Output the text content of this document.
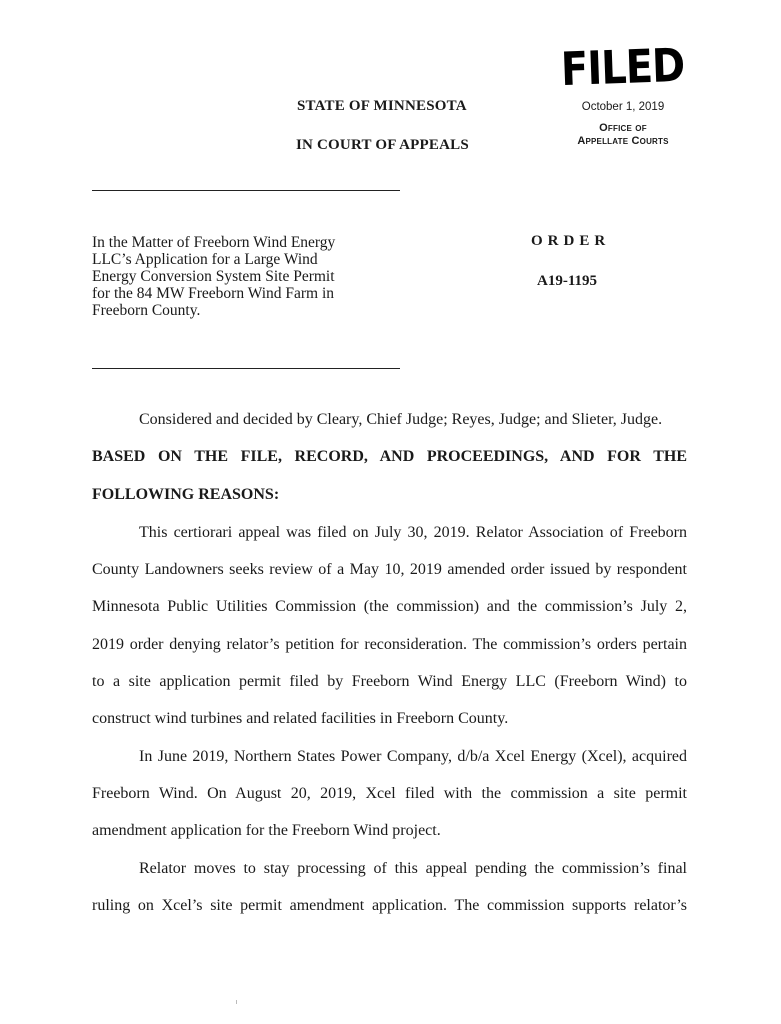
STATE OF MINNESOTA
IN COURT OF APPEALS
FILED
October 1, 2019
Office of
Appellate Courts
In the Matter of Freeborn Wind Energy
LLC’s Application for a Large Wind
Energy Conversion System Site Permit
for the 84 MW Freeborn Wind Farm in
Freeborn County.
ORDER
A19-1195
Considered and decided by Cleary, Chief Judge; Reyes, Judge; and Slieter, Judge.
BASED ON THE FILE, RECORD, AND PROCEEDINGS, AND FOR THE
FOLLOWING REASONS:
This certiorari appeal was filed on July 30, 2019. Relator Association of Freeborn
County Landowners seeks review of a May 10, 2019 amended order issued by respondent
Minnesota Public Utilities Commission (the commission) and the commission’s July 2,
2019 order denying relator’s petition for reconsideration. The commission’s orders pertain
to a site application permit filed by Freeborn Wind Energy LLC (Freeborn Wind) to
construct wind turbines and related facilities in Freeborn County.
In June 2019, Northern States Power Company, d/b/a Xcel Energy (Xcel), acquired
Freeborn Wind. On August 20, 2019, Xcel filed with the commission a site permit
amendment application for the Freeborn Wind project.
Relator moves to stay processing of this appeal pending the commission’s final
ruling on Xcel’s site permit amendment application. The commission supports relator’s
